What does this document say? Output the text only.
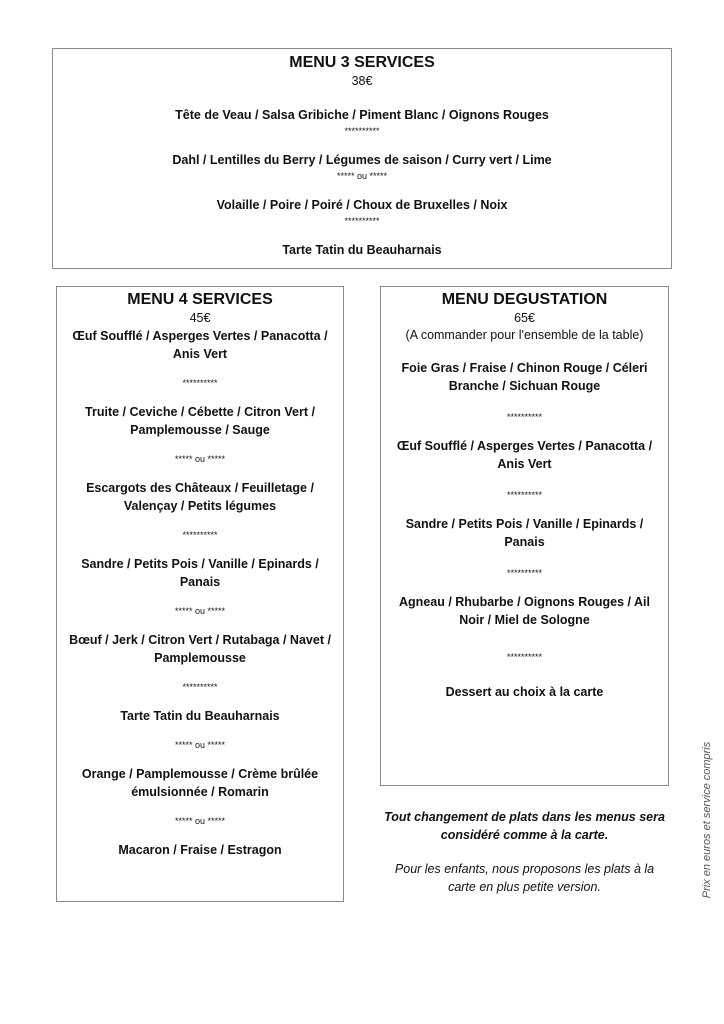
MENU 3 SERVICES
38€
Tête de Veau / Salsa Gribiche / Piment Blanc / Oignons Rouges
**********
Dahl / Lentilles du Berry / Légumes de saison / Curry vert / Lime
***** ou *****
Volaille / Poire / Poiré / Choux de Bruxelles / Noix
**********
Tarte Tatin du Beauharnais
MENU 4 SERVICES
45€
Œuf Soufflé / Asperges Vertes / Panacotta / Anis Vert
**********
Truite / Ceviche / Cébette / Citron Vert / Pamplemousse / Sauge
***** ou *****
Escargots des Châteaux / Feuilletage / Valençay / Petits légumes
**********
Sandre / Petits Pois / Vanille / Epinards / Panais
***** ou *****
Bœuf / Jerk / Citron Vert / Rutabaga / Navet / Pamplemousse
**********
Tarte Tatin du Beauharnais
***** ou *****
Orange / Pamplemousse / Crème brûlée émulsionnée / Romarin
***** ou *****
Macaron / Fraise / Estragon
MENU DEGUSTATION
65€
(A commander pour l'ensemble de la table)
Foie Gras / Fraise / Chinon Rouge / Céleri Branche / Sichuan Rouge
**********
Œuf Soufflé / Asperges Vertes / Panacotta / Anis Vert
**********
Sandre / Petits Pois / Vanille / Epinards / Panais
**********
Agneau / Rhubarbe / Oignons Rouges / Ail Noir / Miel de Sologne
**********
Dessert au choix à la carte
Tout changement de plats dans les menus sera considéré comme à la carte.
Pour les enfants, nous proposons les plats à la carte en plus petite version.	Prix en euros et service compris
